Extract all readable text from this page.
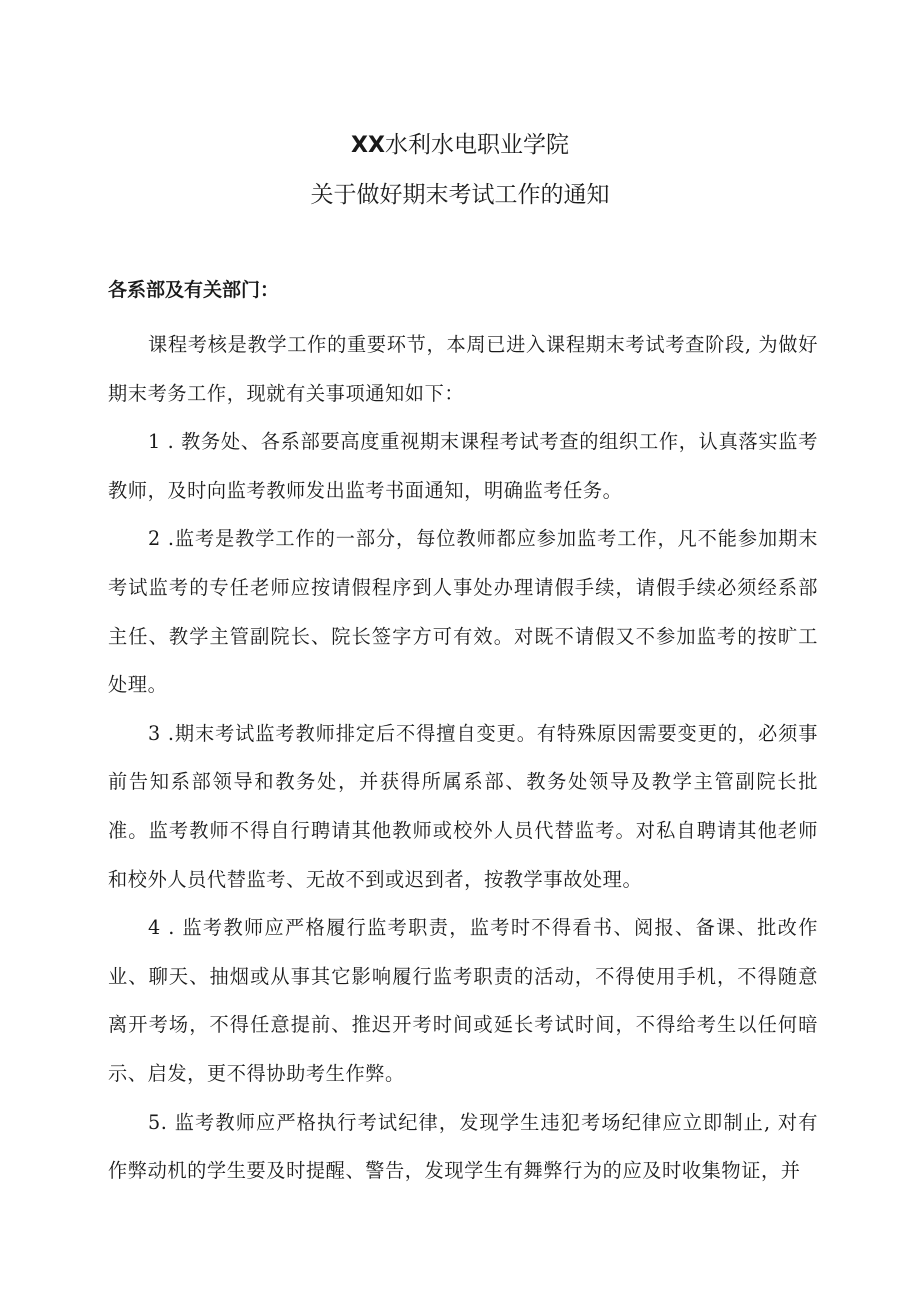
XX水利水电职业学院
关于做好期末考试工作的通知
各系部及有关部门：

课程考核是教学工作的重要环节，本周已进入课程期末考试考查阶段, 为做好期末考务工作，现就有关事项通知如下：

1 . 教务处、各系部要高度重视期末课程考试考查的组织工作，认真落实监考教师，及时向监考教师发出监考书面通知，明确监考任务。

2 .监考是教学工作的一部分，每位教师都应参加监考工作，凡不能参加期末考试监考的专任老师应按请假程序到人事处办理请假手续，请假手续必须经系部主任、教学主管副院长、院长签字方可有效。对既不请假又不参加监考的按旷工处理。

3 .期末考试监考教师排定后不得擅自变更。有特殊原因需要变更的，必须事前告知系部领导和教务处，并获得所属系部、教务处领导及教学主管副院长批准。监考教师不得自行聘请其他教师或校外人员代替监考。对私自聘请其他老师和校外人员代替监考、无故不到或迟到者，按教学事故处理。

4 . 监考教师应严格履行监考职责，监考时不得看书、阅报、备课、批改作业、聊天、抽烟或从事其它影响履行监考职责的活动，不得使用手机，不得随意离开考场，不得任意提前、推迟开考时间或延长考试时间，不得给考生以任何暗示、启发，更不得协助考生作弊。

5. 监考教师应严格执行考试纪律，发现学生违犯考场纪律应立即制止, 对有作弊动机的学生要及时提醒、警告，发现学生有舞弊行为的应及时收集物证，并
